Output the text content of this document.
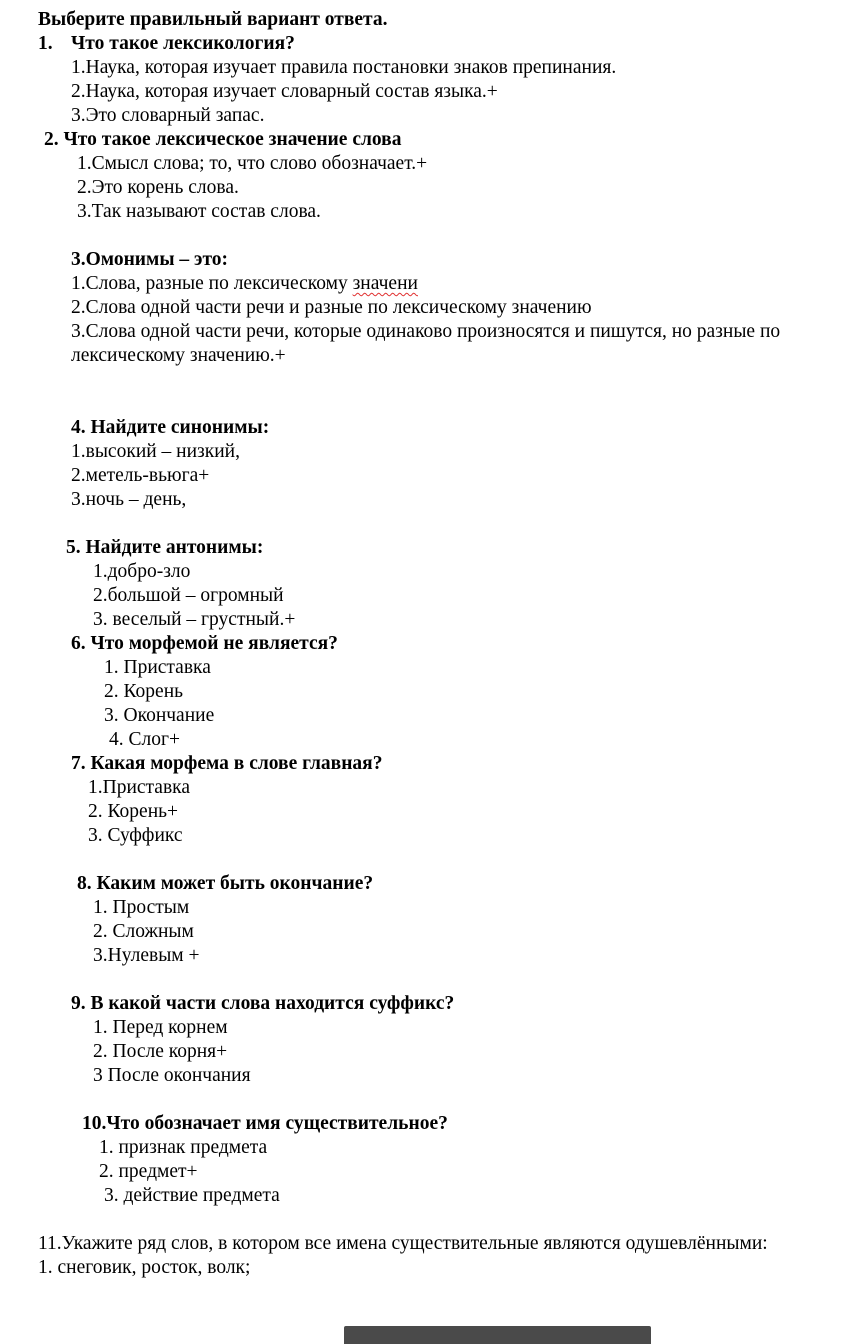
Выберите правильный вариант ответа.
1. Что такое лексикология?
1.Наука, которая изучает правила постановки знаков препинания.
2.Наука, которая изучает словарный состав языка.+
3.Это словарный запас.
2. Что такое лексическое значение слова
1.Смысл слова; то, что слово обозначает.+
2.Это корень слова.
3.Так называют состав слова.
3.Омонимы – это:
1.Слова, разные по лексическому значени
2.Слова одной части речи и разные по лексическому значению
3.Слова одной части речи, которые одинаково произносятся и пишутся, но разные по
лексическому значению.+
4. Найдите синонимы:
1.высокий – низкий,
2.метель-вьюга+
3.ночь – день,
5. Найдите антонимы:
1.добро-зло
2.большой – огромный
3. веселый – грустный.+
6. Что морфемой не является?
1. Приставка
2. Корень
3. Окончание
4. Слог+
7. Какая морфема в слове главная?
1.Приставка
2. Корень+
3. Суффикс
8. Каким может быть окончание?
1. Простым
2. Сложным
3.Нулевым +
9. В какой части слова находится суффикс?
1. Перед корнем
2. После корня+
3 После окончания
10.Что обозначает имя существительное?
1. признак предмета
2. предмет+
3. действие предмета
11.Укажите ряд слов, в котором все имена существительные являются одушевлёнными:
1. снеговик, росток, волк;
